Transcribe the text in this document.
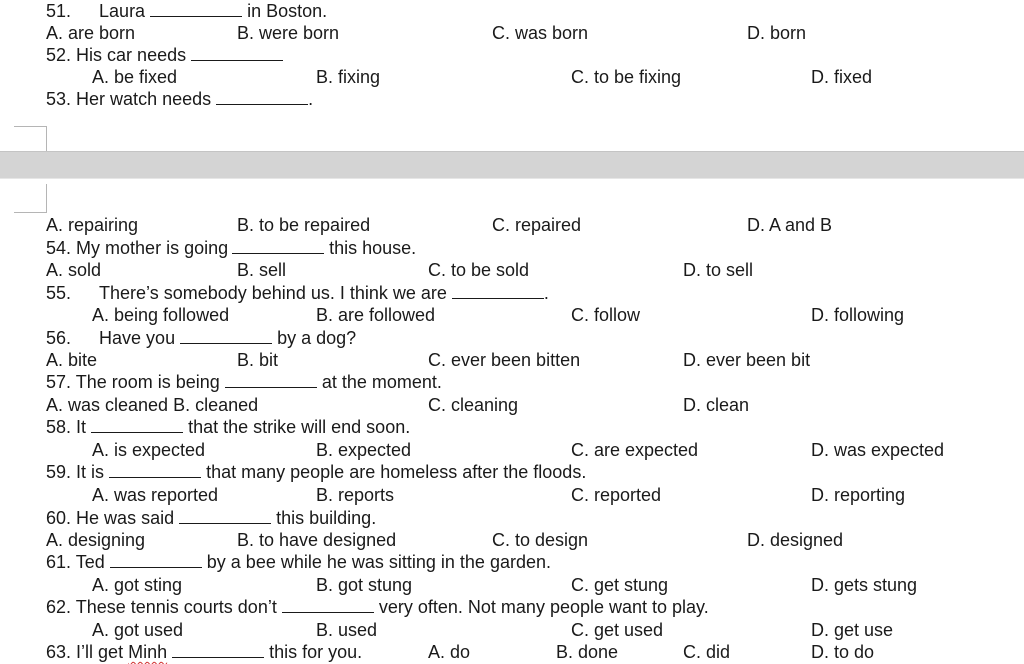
51. Laura	in Boston.
A. are born	B. were born	C. was born	D. born
52. His car needs
A. be fixed	B. fixing	C. to be fixing	D. fixed
53. Her watch needs	.
A. repairing	B. to be repaired	C. repaired	D. A and B
54. My mother is going	this house.
A. sold	B. sell	C. to be sold	D. to sell
55. There’s somebody behind us. I think we are	.
A. being followed	B. are followed	C. follow	D. following
56. Have you	by a dog?
A. bite	B. bit	C. ever been bitten	D. ever been bit
57. The room is being	at the moment.
A. was cleaned B. cleaned	C. cleaning	D. clean
58. It	that the strike will end soon.
A. is expected	B. expected	C. are expected	D. was expected
59. It is	that many people are homeless after the floods.
A. was reported	B. reports	C. reported	D. reporting
60. He was said	this building.
A. designing	B. to have designed	C. to design	D. designed
61. Ted	by a bee while he was sitting in the garden.
A. got sting	B. got stung	C. get stung	D. gets stung
62. These tennis courts don’t	very often. Not many people want to play.
A. got used	B. used	C. get used	D. get use
63. I’ll get Minh	this for you.	A. do	B. done	C. did	D. to do
